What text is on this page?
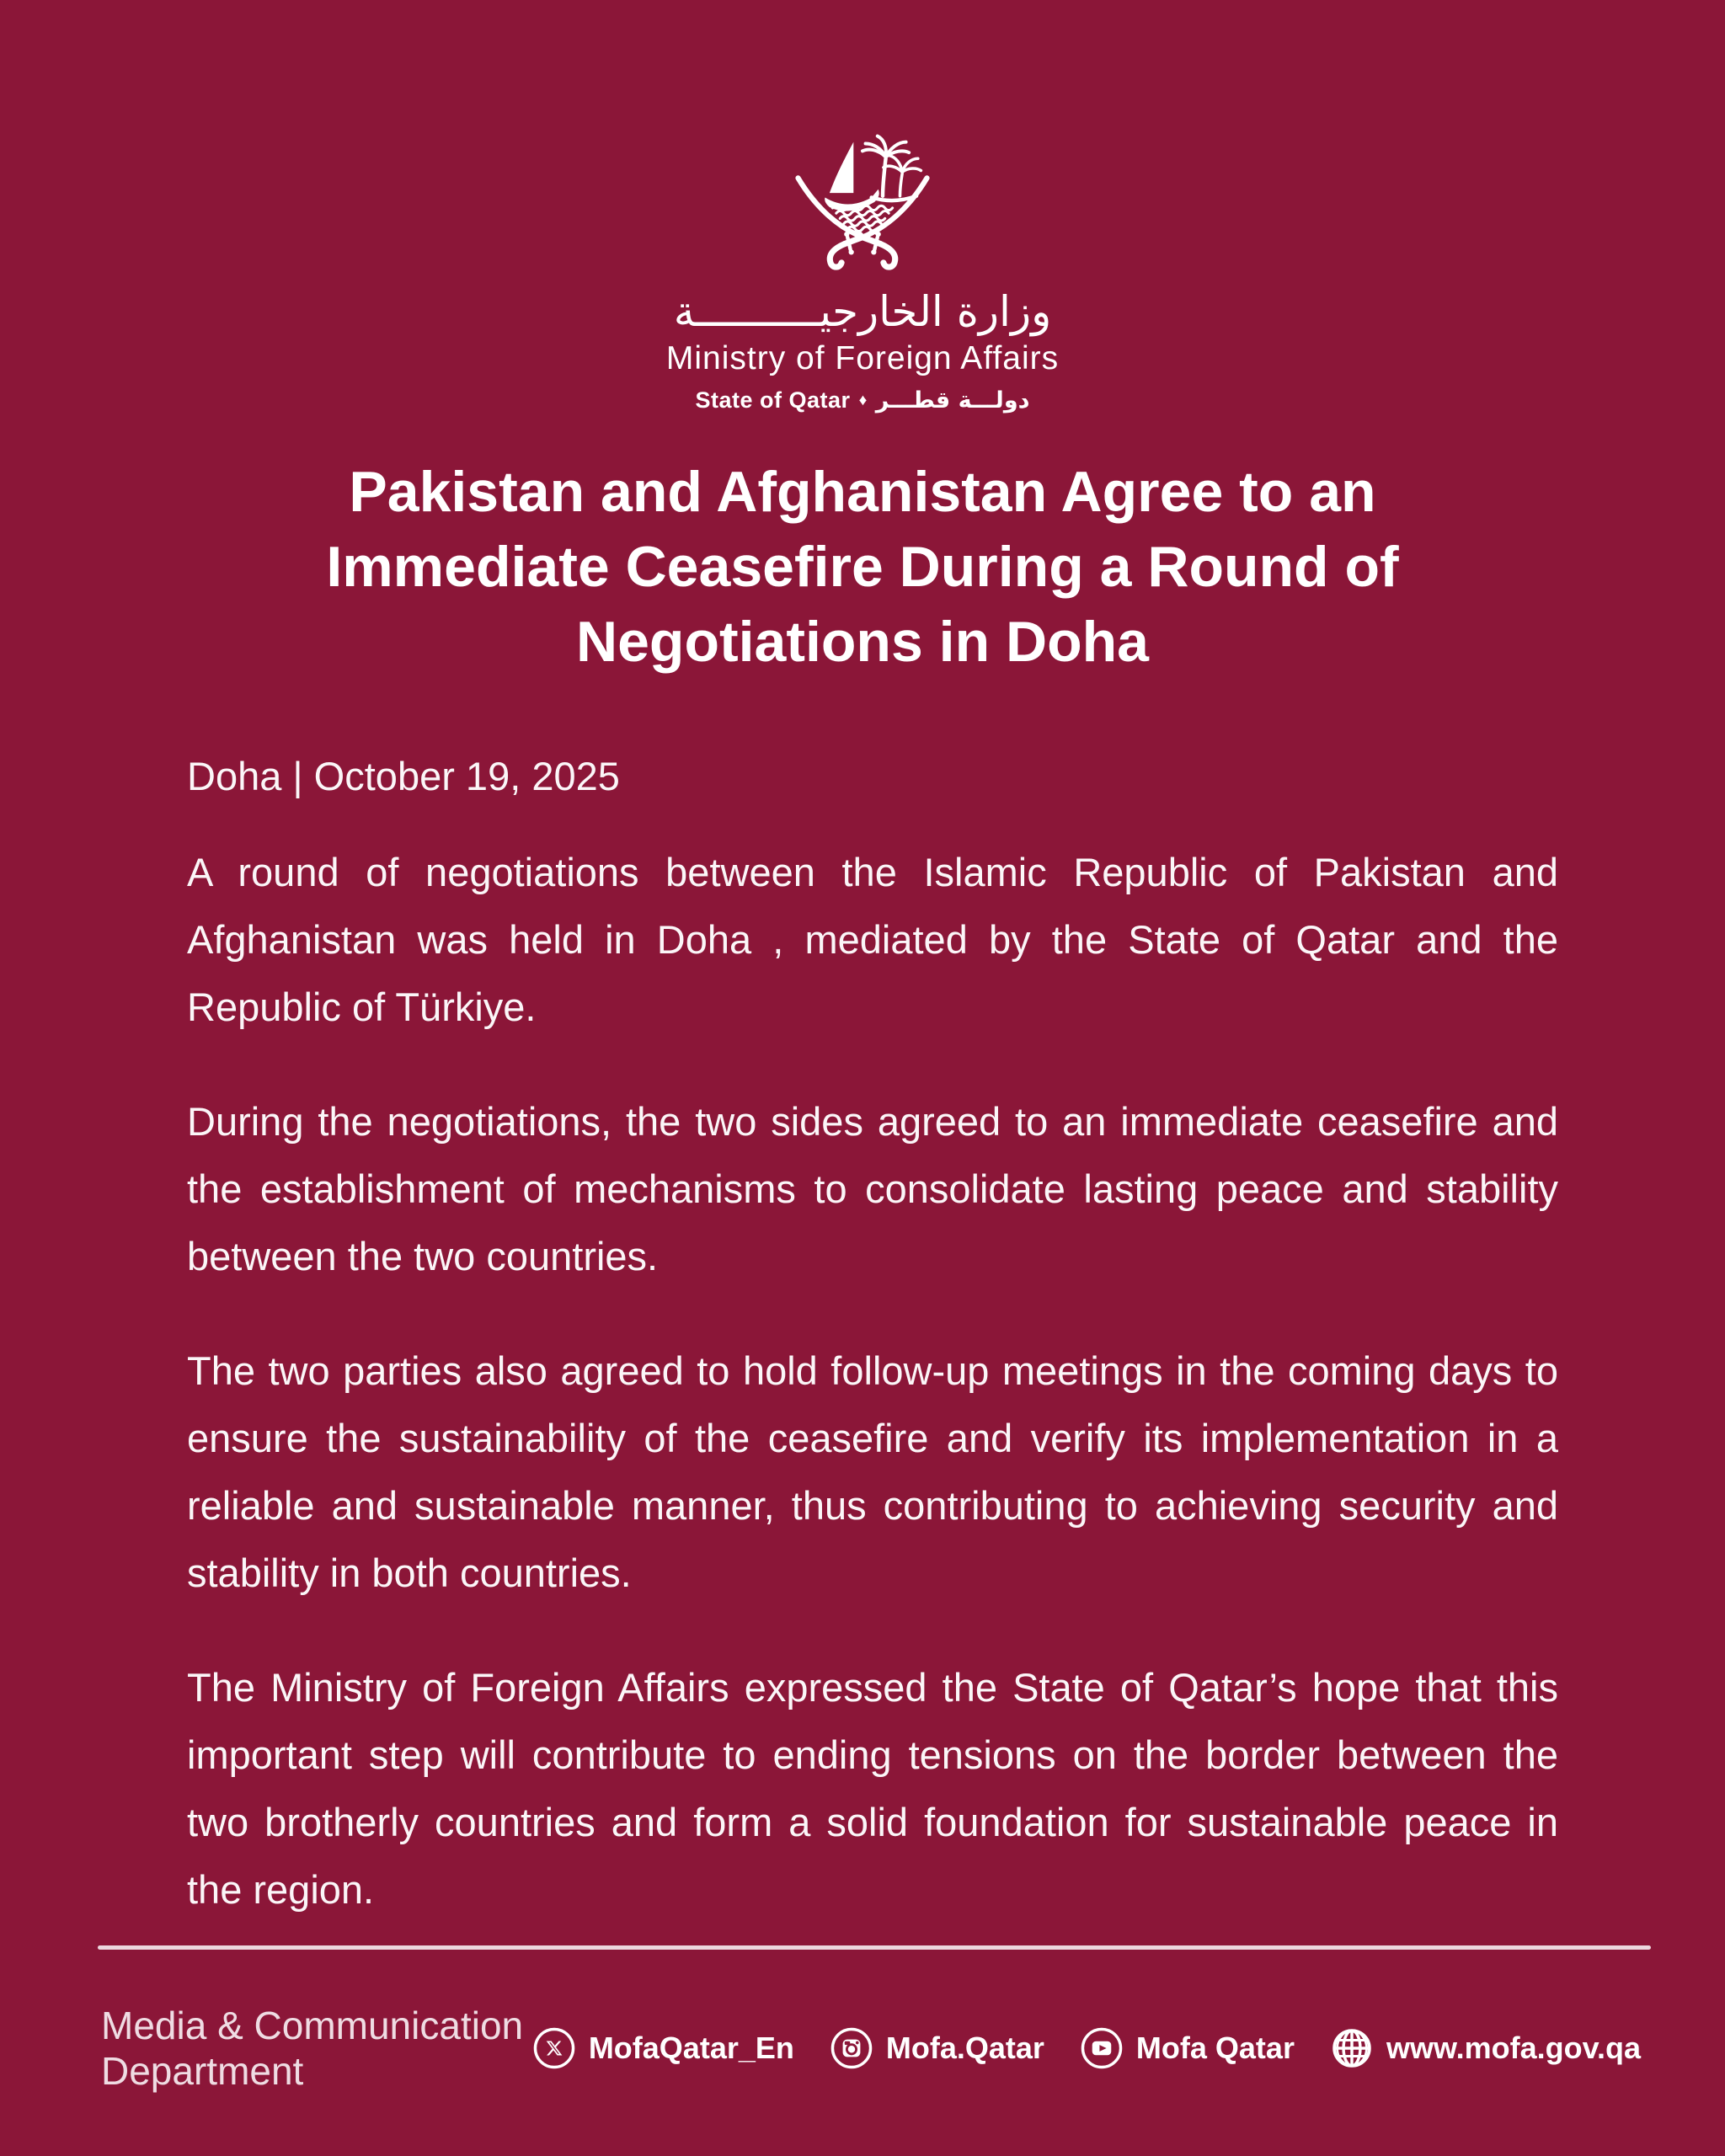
وزارة الخارجيــــــــــة
Ministry of Foreign Affairs
State of Qatar ♦ دولـــة قطـــر
Pakistan and Afghanistan Agree to an
Immediate Ceasefire During a Round of
Negotiations in Doha
Doha | October 19, 2025

A round of negotiations between the Islamic Republic of Pakistan and Afghanistan was held in Doha , mediated by the State of Qatar and the Republic of Türkiye.

During the negotiations, the two sides agreed to an immediate ceasefire and the establishment of mechanisms to consolidate lasting peace and stability between the two countries.

The two parties also agreed to hold follow-up meetings in the coming days to ensure the sustainability of the ceasefire and verify its implementation in a reliable and sustainable manner, thus contributing to achieving security and stability in both countries.

The Ministry of Foreign Affairs expressed the State of Qatar’s hope that this important step will contribute to ending tensions on the border between the two brotherly countries and form a solid foundation for sustainable peace in the region.

Media & Communication Department
MofaQatar_En	Mofa.Qatar	Mofa Qatar	www.mofa.gov.qa
